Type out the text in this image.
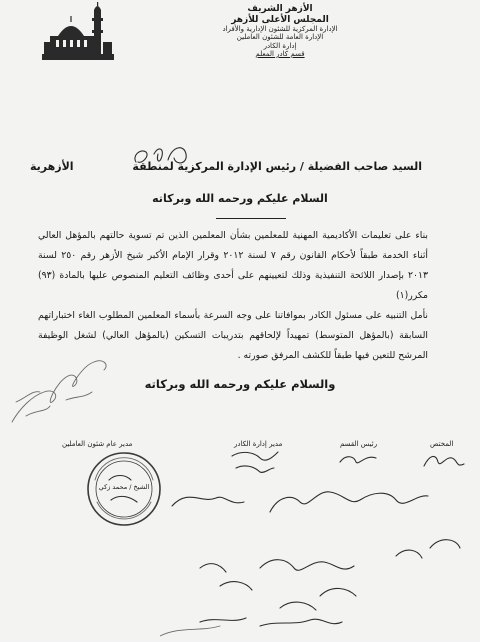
الأزهر الشريف
المجلس الأعلى للأزهر
الإدارة المركزية للشئون الإدارية والأفراد
الإدارة العامة للشئون العاملين
إدارة الكادر
قسم كادر المعلم
السيد صاحب الفضيلة / رئيس الإدارة المركزية لمنطقة
الأزهرية
السلام عليكم ورحمه الله وبركاته

بناء على تعليمات الأكاديمية المهنية للمعلمين بشأن المعلمين الذين تم تسوية حالتهم بالمؤهل العالي أثناء الخدمة طبقاً لأحكام القانون رقم ٧ لسنة ٢٠١٢ وقرار الإمام الأكبر شيخ الأزهر رقم ٢٥٠ لسنة ٢٠١٣ بإصدار اللائحة التنفيذية وذلك لتعيينهم على أحدى وظائف التعليم المنصوص عليها بالمادة (٩٣) مكرر(١)

نأمل التنبيه على مسئول الكادر بموافاتنا على وجه السرعة بأسماء المعلمين المطلوب الغاء اختباراتهم السابقة (بالمؤهل المتوسط) تمهيداً لإلحاقهم بتدريبات التسكين (بالمؤهل العالي) لشغل الوظيفة المرشح للتعين فيها طبقاً للكشف المرفق صورته .

والسلام عليكم ورحمه الله وبركاته
المختص
رئيس القسم
مدير إدارة الكادر
مدير عام شئون العاملين
الشيخ / محمد زكي
